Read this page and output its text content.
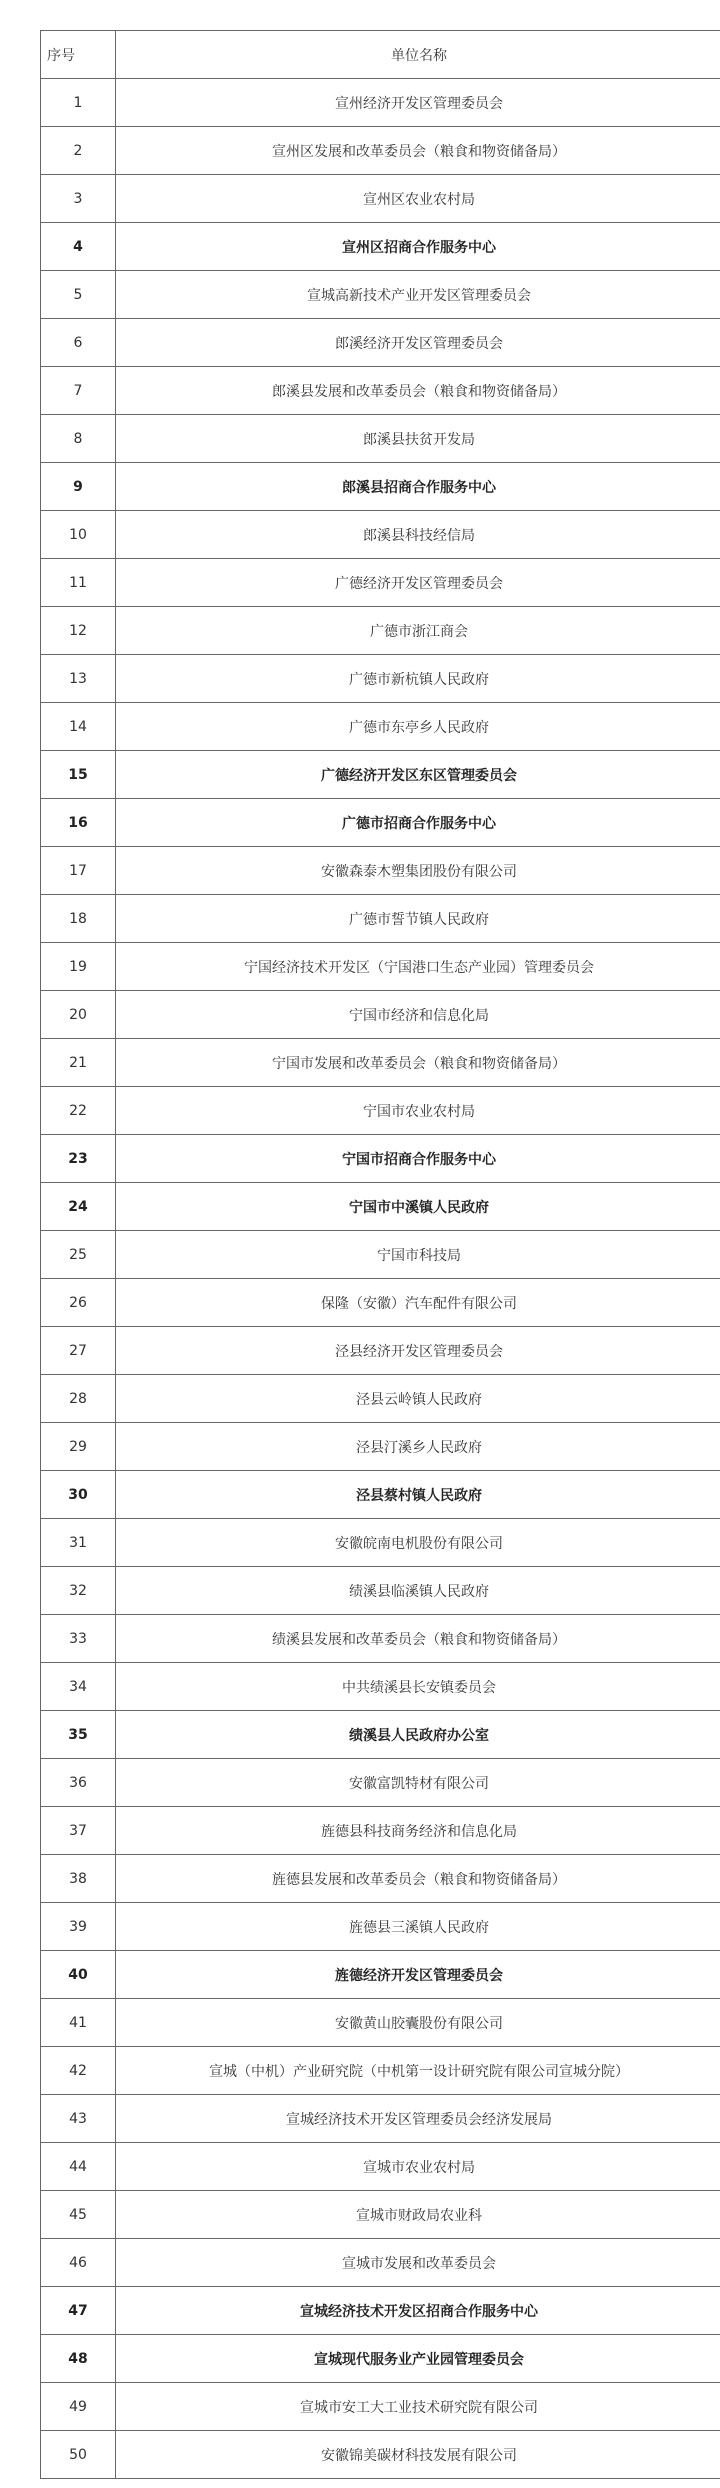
序号	单位名称
1	宣州经济开发区管理委员会
2	宣州区发展和改革委员会（粮食和物资储备局）
3	宣州区农业农村局
4	宣州区招商合作服务中心
5	宣城高新技术产业开发区管理委员会
6	郎溪经济开发区管理委员会
7	郎溪县发展和改革委员会（粮食和物资储备局）
8	郎溪县扶贫开发局
9	郎溪县招商合作服务中心
10	郎溪县科技经信局
11	广德经济开发区管理委员会
12	广德市浙江商会
13	广德市新杭镇人民政府
14	广德市东亭乡人民政府
15	广德经济开发区东区管理委员会
16	广德市招商合作服务中心
17	安徽森泰木塑集团股份有限公司
18	广德市誓节镇人民政府
19	宁国经济技术开发区（宁国港口生态产业园）管理委员会
20	宁国市经济和信息化局
21	宁国市发展和改革委员会（粮食和物资储备局）
22	宁国市农业农村局
23	宁国市招商合作服务中心
24	宁国市中溪镇人民政府
25	宁国市科技局
26	保隆（安徽）汽车配件有限公司
27	泾县经济开发区管理委员会
28	泾县云岭镇人民政府
29	泾县汀溪乡人民政府
30	泾县蔡村镇人民政府
31	安徽皖南电机股份有限公司
32	绩溪县临溪镇人民政府
33	绩溪县发展和改革委员会（粮食和物资储备局）
34	中共绩溪县长安镇委员会
35	绩溪县人民政府办公室
36	安徽富凯特材有限公司
37	旌德县科技商务经济和信息化局
38	旌德县发展和改革委员会（粮食和物资储备局）
39	旌德县三溪镇人民政府
40	旌德经济开发区管理委员会
41	安徽黄山胶囊股份有限公司
42	宣城（中机）产业研究院（中机第一设计研究院有限公司宣城分院）
43	宣城经济技术开发区管理委员会经济发展局
44	宣城市农业农村局
45	宣城市财政局农业科
46	宣城市发展和改革委员会
47	宣城经济技术开发区招商合作服务中心
48	宣城现代服务业产业园管理委员会
49	宣城市安工大工业技术研究院有限公司
50	安徽锦美碳材科技发展有限公司
